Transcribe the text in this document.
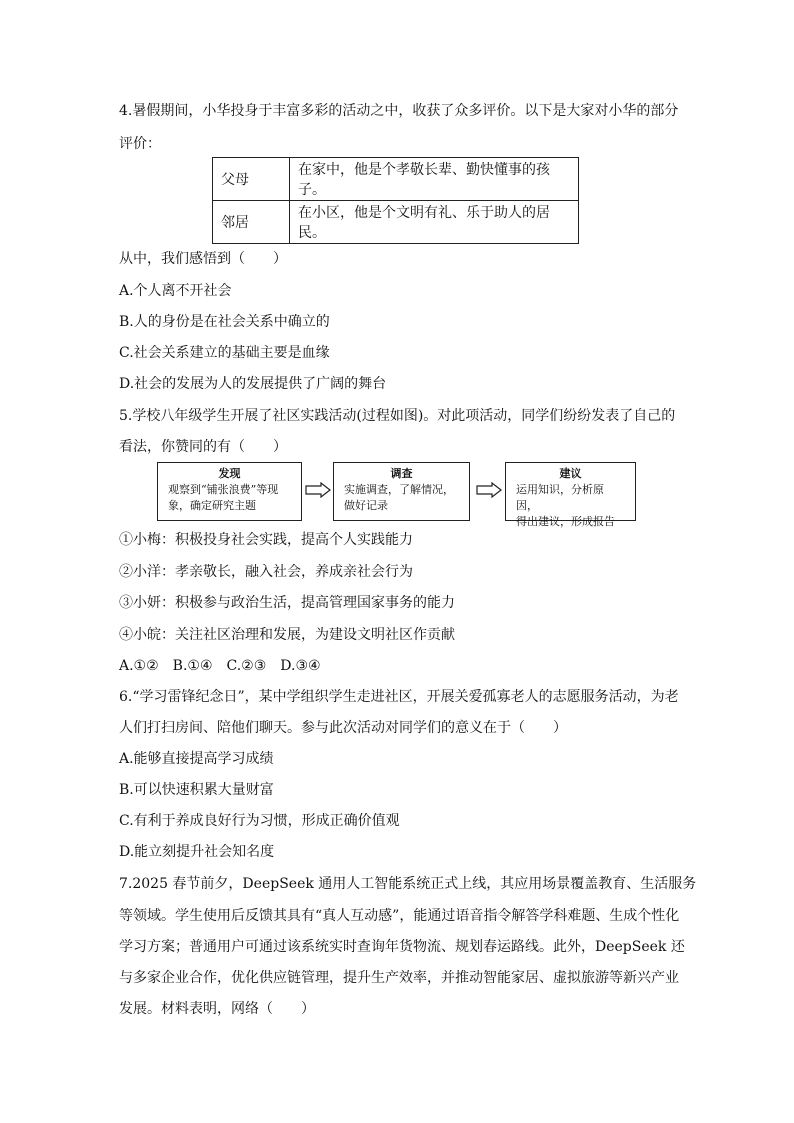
4.暑假期间，小华投身于丰富多彩的活动之中，收获了众多评价。以下是大家对小华的部分
评价：
父母	在家中，他是个孝敬长辈、勤快懂事的孩子。
邻居	在小区，他是个文明有礼、乐于助人的居民。
从中，我们感悟到（　　）
A.个人离不开社会
B.人的身份是在社会关系中确立的
C.社会关系建立的基础主要是血缘
D.社会的发展为人的发展提供了广阔的舞台
5.学校八年级学生开展了社区实践活动(过程如图)。对此项活动，同学们纷纷发表了自己的
看法，你赞同的有（　　）
发现
观察到“铺张浪费”等现
象，确定研究主题
调查
实施调查，了解情况，
做好记录
建议
运用知识，分析原因，
得出建议，形成报告
①小梅：积极投身社会实践，提高个人实践能力
②小洋：孝亲敬长，融入社会，养成亲社会行为
③小妍：积极参与政治生活，提高管理国家事务的能力
④小皖：关注社区治理和发展，为建设文明社区作贡献
A.①②　B.①④　C.②③　D.③④
6.“学习雷锋纪念日”，某中学组织学生走进社区，开展关爱孤寡老人的志愿服务活动，为老
人们打扫房间、陪他们聊天。参与此次活动对同学们的意义在于（　　）
A.能够直接提高学习成绩
B.可以快速积累大量财富
C.有利于养成良好行为习惯，形成正确价值观
D.能立刻提升社会知名度
7.2025 春节前夕，DeepSeek 通用人工智能系统正式上线，其应用场景覆盖教育、生活服务
等领域。学生使用后反馈其具有“真人互动感”，能通过语音指令解答学科难题、生成个性化
学习方案；普通用户可通过该系统实时查询年货物流、规划春运路线。此外，DeepSeek 还
与多家企业合作，优化供应链管理，提升生产效率，并推动智能家居、虚拟旅游等新兴产业
发展。材料表明，网络（　　）
